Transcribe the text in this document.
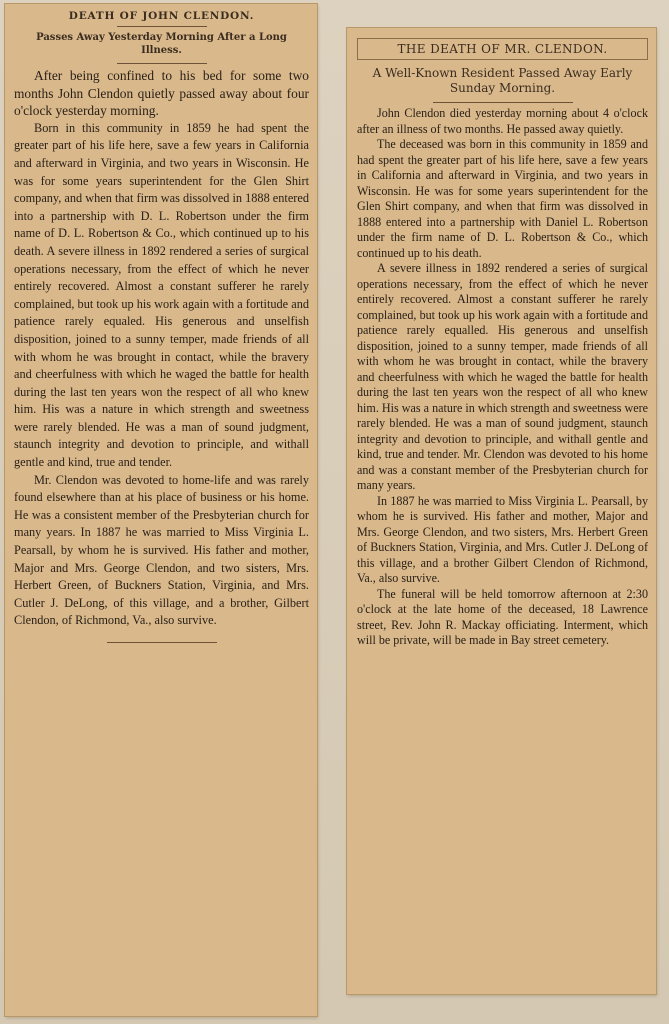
DEATH OF JOHN CLENDON.
Passes Away Yesterday Morning After a Long Illness.

After being confined to his bed for some two months John Clendon quietly passed away about four o'clock yesterday morning.

Born in this community in 1859 he had spent the greater part of his life here, save a few years in California and afterward in Virginia, and two years in Wisconsin. He was for some years superintendent for the Glen Shirt company, and when that firm was dissolved in 1888 entered into a partnership with D. L. Robertson under the firm name of D. L. Robertson & Co., which continued up to his death. A severe illness in 1892 rendered a series of surgical operations necessary, from the effect of which he never entirely recovered. Almost a constant sufferer he rarely complained, but took up his work again with a fortitude and patience rarely equaled. His generous and unselfish disposition, joined to a sunny temper, made friends of all with whom he was brought in contact, while the bravery and cheerfulness with which he waged the battle for health during the last ten years won the respect of all who knew him. His was a nature in which strength and sweetness were rarely blended. He was a man of sound judgment, staunch integrity and devotion to principle, and withall gentle and kind, true and tender.

Mr. Clendon was devoted to home-life and was rarely found elsewhere than at his place of business or his home. He was a consistent member of the Presbyterian church for many years. In 1887 he was married to Miss Virginia L. Pearsall, by whom he is survived. His father and mother, Major and Mrs. George Clendon, and two sisters, Mrs. Herbert Green, of Buckners Station, Virginia, and Mrs. Cutler J. DeLong, of this village, and a brother, Gilbert Clendon, of Richmond, Va., also survive.

THE DEATH OF MR. CLENDON.
A Well-Known Resident Passed Away Early Sunday Morning.

John Clendon died yesterday morning about 4 o'clock after an illness of two months. He passed away quietly.

The deceased was born in this community in 1859 and had spent the greater part of his life here, save a few years in California and afterward in Virginia, and two years in Wisconsin. He was for some years superintendent for the Glen Shirt company, and when that firm was dissolved in 1888 entered into a partnership with Daniel L. Robertson under the firm name of D. L. Robertson & Co., which continued up to his death.

A severe illness in 1892 rendered a series of surgical operations necessary, from the effect of which he never entirely recovered. Almost a constant sufferer he rarely complained, but took up his work again with a fortitude and patience rarely equalled. His generous and unselfish disposition, joined to a sunny temper, made friends of all with whom he was brought in contact, while the bravery and cheerfulness with which he waged the battle for health during the last ten years won the respect of all who knew him. His was a nature in which strength and sweetness were rarely blended. He was a man of sound judgment, staunch integrity and devotion to principle, and withall gentle and kind, true and tender. Mr. Clendon was devoted to his home and was a constant member of the Presbyterian church for many years.

In 1887 he was married to Miss Virginia L. Pearsall, by whom he is survived. His father and mother, Major and Mrs. George Clendon, and two sisters, Mrs. Herbert Green of Buckners Station, Virginia, and Mrs. Cutler J. DeLong of this village, and a brother Gilbert Clendon of Richmond, Va., also survive.

The funeral will be held tomorrow afternoon at 2:30 o'clock at the late home of the deceased, 18 Lawrence street, Rev. John R. Mackay officiating. Interment, which will be private, will be made in Bay street cemetery.
